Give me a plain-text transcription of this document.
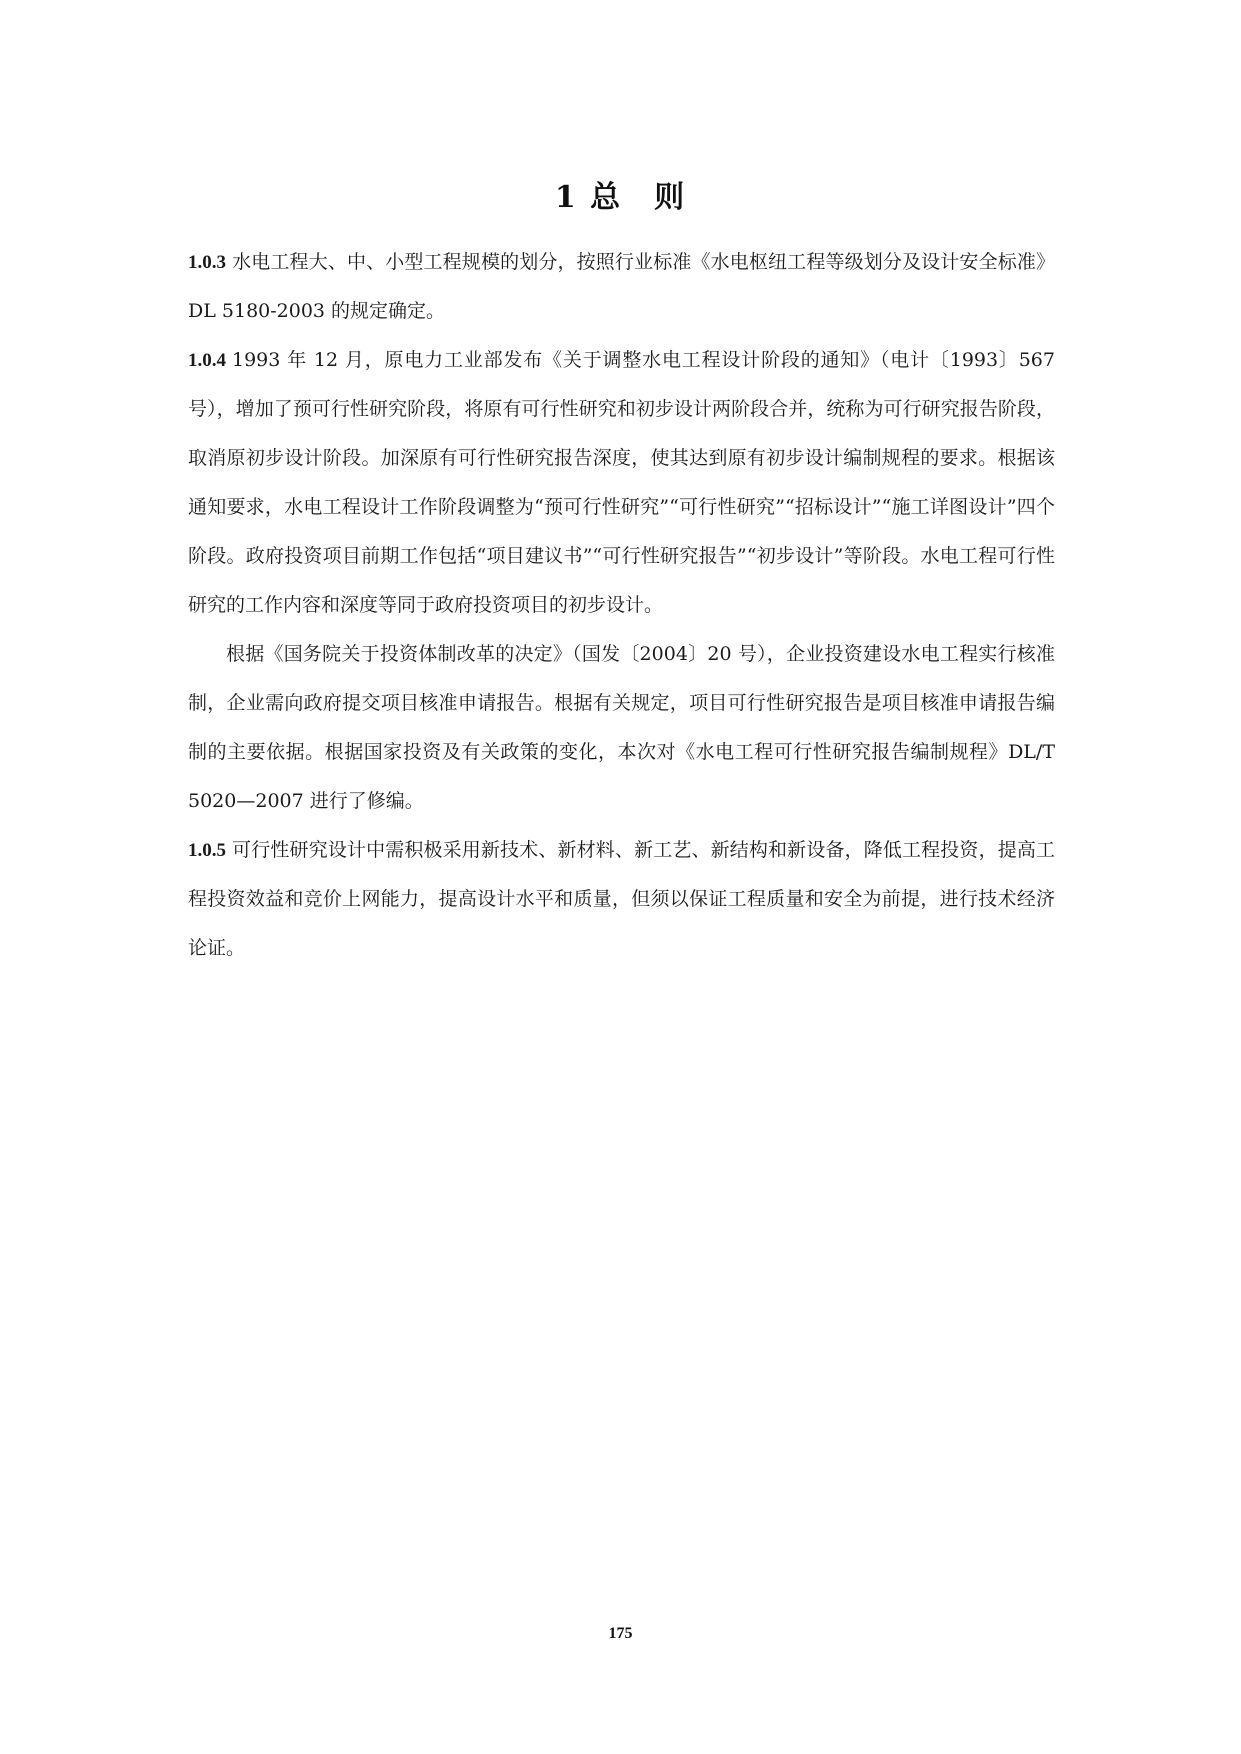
1 总　则

1.0.3 水电工程大、中、小型工程规模的划分，按照行业标准《水电枢纽工程等级划分及设计安全标准》DL 5180-2003 的规定确定。

1.0.4 1993 年 12 月，原电力工业部发布《关于调整水电工程设计阶段的通知》（电计〔1993〕567 号），增加了预可行性研究阶段，将原有可行性研究和初步设计两阶段合并，统称为可行研究报告阶段，取消原初步设计阶段。加深原有可行性研究报告深度，使其达到原有初步设计编制规程的要求。根据该通知要求，水电工程设计工作阶段调整为“预可行性研究”“可行性研究”“招标设计”“施工详图设计”四个阶段。政府投资项目前期工作包括“项目建议书”“可行性研究报告”“初步设计”等阶段。水电工程可行性研究的工作内容和深度等同于政府投资项目的初步设计。

根据《国务院关于投资体制改革的决定》（国发〔2004〕20 号），企业投资建设水电工程实行核准制，企业需向政府提交项目核准申请报告。根据有关规定，项目可行性研究报告是项目核准申请报告编制的主要依据。根据国家投资及有关政策的变化，本次对《水电工程可行性研究报告编制规程》DL/T 5020—2007 进行了修编。

1.0.5 可行性研究设计中需积极采用新技术、新材料、新工艺、新结构和新设备，降低工程投资，提高工程投资效益和竞价上网能力，提高设计水平和质量，但须以保证工程质量和安全为前提，进行技术经济论证。

175
